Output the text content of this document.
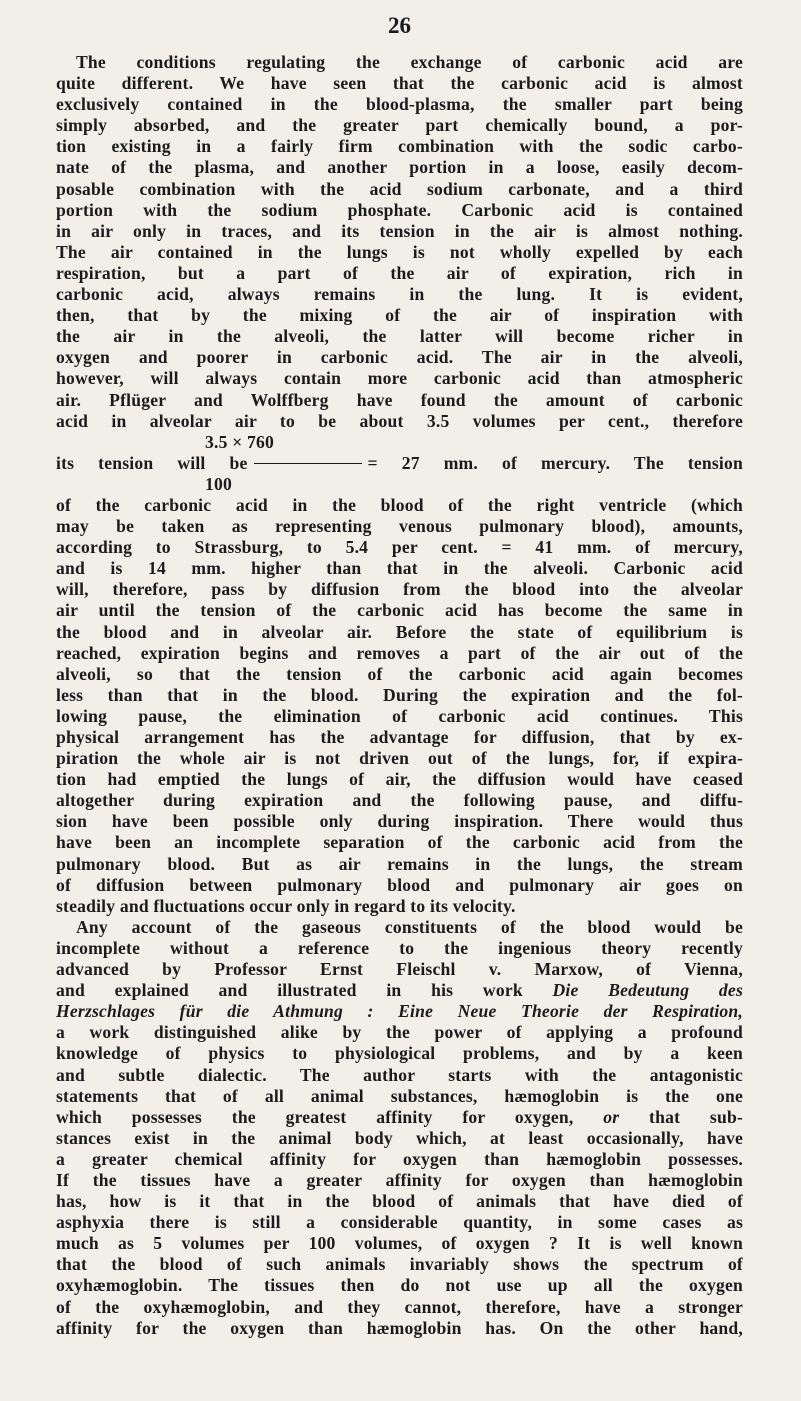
26
The conditions regulating the exchange of carbonic acid are
quite different. We have seen that the carbonic acid is almost
exclusively contained in the blood-plasma, the smaller part being
simply absorbed, and the greater part chemically bound, a por-
tion existing in a fairly firm combination with the sodic carbo-
nate of the plasma, and another portion in a loose, easily decom-
posable combination with the acid sodium carbonate, and a third
portion with the sodium phosphate. Carbonic acid is contained
in air only in traces, and its tension in the air is almost nothing.
The air contained in the lungs is not wholly expelled by each
respiration, but a part of the air of expiration, rich in
carbonic acid, always remains in the lung. It is evident,
then, that by the mixing of the air of inspiration with
the air in the alveoli, the latter will become richer in
oxygen and poorer in carbonic acid. The air in the alveoli,
however, will always contain more carbonic acid than atmospheric
air. Pflüger and Wolffberg have found the amount of carbonic
acid in alveolar air to be about 3.5 volumes per cent., therefore
3.5 × 760
its tension will be	= 27 mm. of mercury. The tension
100
of the carbonic acid in the blood of the right ventricle (which
may be taken as representing venous pulmonary blood), amounts,
according to Strassburg, to 5.4 per cent. = 41 mm. of mercury,
and is 14 mm. higher than that in the alveoli. Carbonic acid
will, therefore, pass by diffusion from the blood into the alveolar
air until the tension of the carbonic acid has become the same in
the blood and in alveolar air. Before the state of equilibrium is
reached, expiration begins and removes a part of the air out of the
alveoli, so that the tension of the carbonic acid again becomes
less than that in the blood. During the expiration and the fol-
lowing pause, the elimination of carbonic acid continues. This
physical arrangement has the advantage for diffusion, that by ex-
piration the whole air is not driven out of the lungs, for, if expira-
tion had emptied the lungs of air, the diffusion would have ceased
altogether during expiration and the following pause, and diffu-
sion have been possible only during inspiration. There would thus
have been an incomplete separation of the carbonic acid from the
pulmonary blood. But as air remains in the lungs, the stream
of diffusion between pulmonary blood and pulmonary air goes on
steadily and fluctuations occur only in regard to its velocity.
Any account of the gaseous constituents of the blood would be
incomplete without a reference to the ingenious theory recently
advanced by Professor Ernst Fleischl v. Marxow, of Vienna,
and explained and illustrated in his work Die Bedeutung des
Herzschlages für die Athmung : Eine Neue Theorie der Respiration,
a work distinguished alike by the power of applying a profound
knowledge of physics to physiological problems, and by a keen
and subtle dialectic. The author starts with the antagonistic
statements that of all animal substances, hæmoglobin is the one
which possesses the greatest affinity for oxygen, or that sub-
stances exist in the animal body which, at least occasionally, have
a greater chemical affinity for oxygen than hæmoglobin possesses.
If the tissues have a greater affinity for oxygen than hæmoglobin
has, how is it that in the blood of animals that have died of
asphyxia there is still a considerable quantity, in some cases as
much as 5 volumes per 100 volumes, of oxygen ? It is well known
that the blood of such animals invariably shows the spectrum of
oxyhæmoglobin. The tissues then do not use up all the oxygen
of the oxyhæmoglobin, and they cannot, therefore, have a stronger
affinity for the oxygen than hæmoglobin has. On the other hand,
